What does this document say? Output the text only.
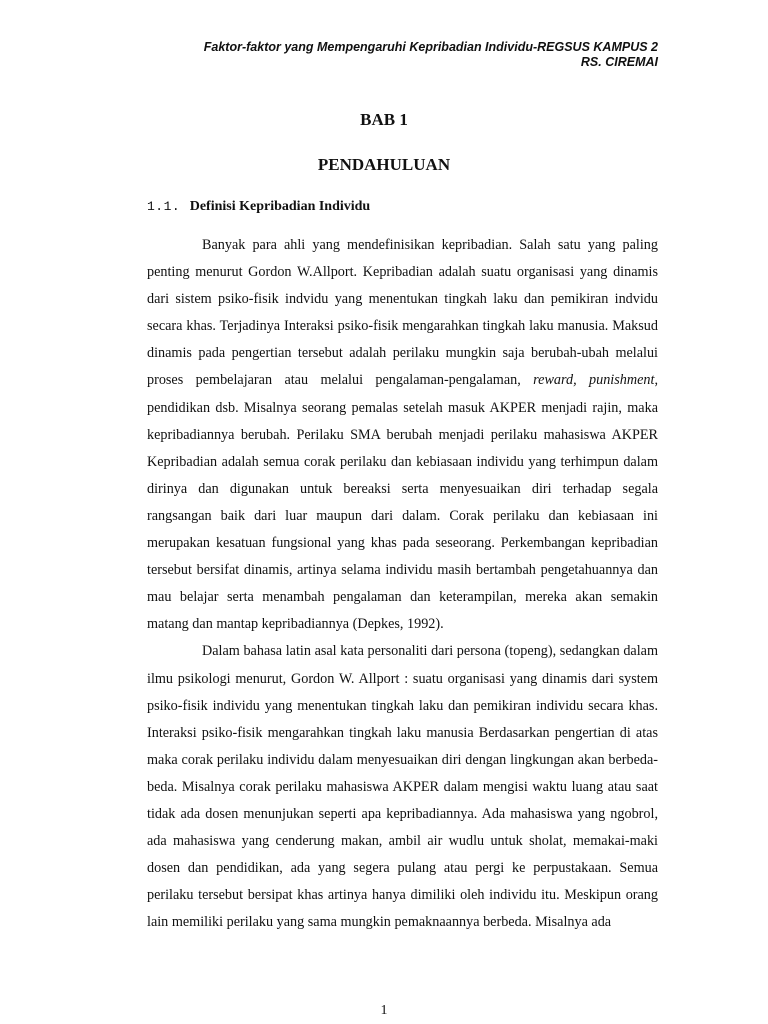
Faktor-faktor yang Mempengaruhi Kepribadian Individu-REGSUS KAMPUS 2
RS. CIREMAI
BAB 1
PENDAHULUAN
1.1. Definisi Kepribadian Individu

Banyak para ahli yang mendefinisikan kepribadian. Salah satu yang paling penting menurut Gordon W.Allport. Kepribadian adalah suatu organisasi yang dinamis dari sistem psiko-fisik indvidu yang menentukan tingkah laku dan pemikiran indvidu secara khas. Terjadinya Interaksi psiko-fisik mengarahkan tingkah laku manusia. Maksud dinamis pada pengertian tersebut adalah perilaku mungkin saja berubah-ubah melalui proses pembelajaran atau melalui pengalaman-pengalaman, reward, punishment, pendidikan dsb. Misalnya seorang pemalas setelah masuk AKPER menjadi rajin, maka kepribadiannya berubah. Perilaku SMA berubah menjadi perilaku mahasiswa AKPER Kepribadian adalah semua corak perilaku dan kebiasaan individu yang terhimpun dalam dirinya dan digunakan untuk bereaksi serta menyesuaikan diri terhadap segala rangsangan baik dari luar maupun dari dalam. Corak perilaku dan kebiasaan ini merupakan kesatuan fungsional yang khas pada seseorang. Perkembangan kepribadian tersebut bersifat dinamis, artinya selama individu masih bertambah pengetahuannya dan mau belajar serta menambah pengalaman dan keterampilan, mereka akan semakin matang dan mantap kepribadiannya (Depkes, 1992).

Dalam bahasa latin asal kata personaliti dari persona (topeng), sedangkan dalam ilmu psikologi menurut, Gordon W. Allport : suatu organisasi yang dinamis dari system psiko-fisik individu yang menentukan tingkah laku dan pemikiran individu secara khas. Interaksi psiko-fisik mengarahkan tingkah laku manusia Berdasarkan pengertian di atas maka corak perilaku individu dalam menyesuaikan diri dengan lingkungan akan berbeda-beda. Misalnya corak perilaku mahasiswa AKPER dalam mengisi waktu luang atau saat tidak ada dosen menunjukan seperti apa kepribadiannya. Ada mahasiswa yang ngobrol, ada mahasiswa yang cenderung makan, ambil air wudlu untuk sholat, memakai-maki dosen dan pendidikan, ada yang segera pulang atau pergi ke perpustakaan. Semua perilaku tersebut bersipat khas artinya hanya dimiliki oleh individu itu. Meskipun orang lain memiliki perilaku yang sama mungkin pemaknaannya berbeda. Misalnya ada

1
